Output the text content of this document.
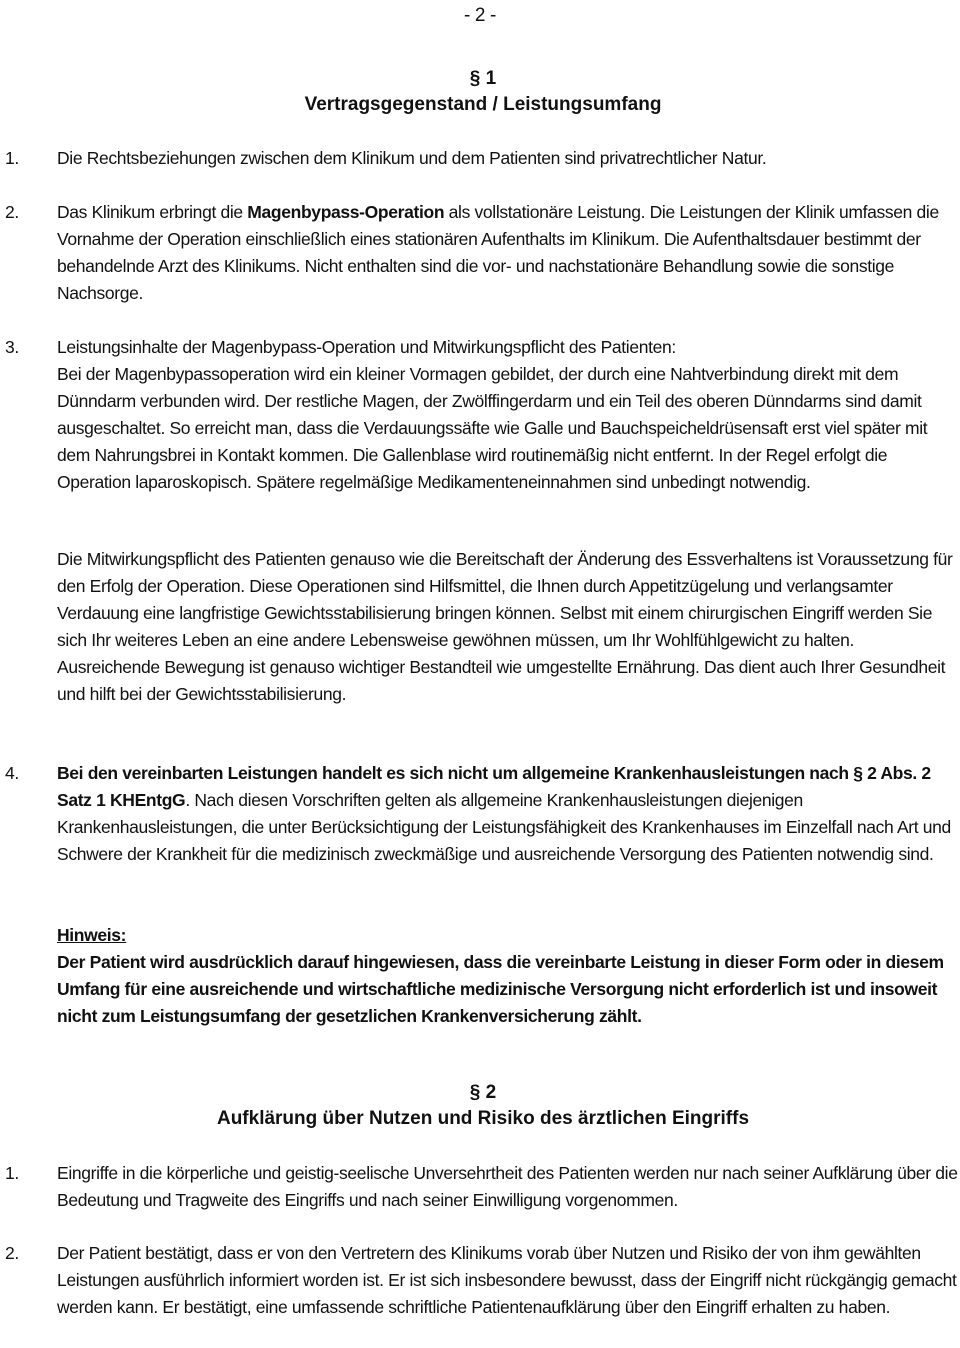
- 2 -
§ 1
Vertragsgegenstand / Leistungsumfang
1.	Die Rechtsbeziehungen zwischen dem Klinikum und dem Patienten sind privatrechtlicher Natur.
2.	Das Klinikum erbringt die Magenbypass-Operation als vollstationäre Leistung. Die Leistungen der Klinik umfassen die Vornahme der Operation einschließlich eines stationären Aufenthalts im Klinikum. Die Aufenthaltsdauer bestimmt der behandelnde Arzt des Klinikums. Nicht enthalten sind die vor- und nachstationäre Behandlung sowie die sonstige Nachsorge.
3.	Leistungsinhalte der Magenbypass-Operation und Mitwirkungspflicht des Patienten:
Bei der Magenbypassoperation wird ein kleiner Vormagen gebildet, der durch eine Nahtverbindung direkt mit dem Dünndarm verbunden wird. Der restliche Magen, der Zwölffingerdarm und ein Teil des oberen Dünndarms sind damit ausgeschaltet. So erreicht man, dass die Verdauungssäfte wie Galle und Bauchspeicheldrüsensaft erst viel später mit dem Nahrungsbrei in Kontakt kommen. Die Gallenblase wird routinemäßig nicht entfernt. In der Regel erfolgt die Operation laparoskopisch. Spätere regelmäßige Medikamenteneinnahmen sind unbedingt notwendig.
Die Mitwirkungspflicht des Patienten genauso wie die Bereitschaft der Änderung des Essverhaltens ist Voraussetzung für den Erfolg der Operation. Diese Operationen sind Hilfsmittel, die Ihnen durch Appetitzügelung und verlangsamter Verdauung eine langfristige Gewichtsstabilisierung bringen können. Selbst mit einem chirurgischen Eingriff werden Sie sich Ihr weiteres Leben an eine andere Lebensweise gewöhnen müssen, um Ihr Wohlfühlgewicht zu halten. Ausreichende Bewegung ist genauso wichtiger Bestandteil wie umgestellte Ernährung. Das dient auch Ihrer Gesundheit und hilft bei der Gewichtsstabilisierung.
4.	Bei den vereinbarten Leistungen handelt es sich nicht um allgemeine Krankenhausleistungen nach § 2 Abs. 2 Satz 1 KHEntgG. Nach diesen Vorschriften gelten als allgemeine Krankenhausleistungen diejenigen Krankenhausleistungen, die unter Berücksichtigung der Leistungsfähigkeit des Krankenhauses im Einzelfall nach Art und Schwere der Krankheit für die medizinisch zweckmäßige und ausreichende Versorgung des Patienten notwendig sind.
Hinweis:
Der Patient wird ausdrücklich darauf hingewiesen, dass die vereinbarte Leistung in dieser Form oder in diesem Umfang für eine ausreichende und wirtschaftliche medizinische Versorgung nicht erforderlich ist und insoweit nicht zum Leistungsumfang der gesetzlichen Krankenversicherung zählt.
§ 2
Aufklärung über Nutzen und Risiko des ärztlichen Eingriffs
1.	Eingriffe in die körperliche und geistig-seelische Unversehrtheit des Patienten werden nur nach seiner Aufklärung über die Bedeutung und Tragweite des Eingriffs und nach seiner Einwilligung vorgenommen.
2.	Der Patient bestätigt, dass er von den Vertretern des Klinikums vorab über Nutzen und Risiko der von ihm gewählten Leistungen ausführlich informiert worden ist. Er ist sich insbesondere bewusst, dass der Eingriff nicht rückgängig gemacht werden kann. Er bestätigt, eine umfassende schriftliche Patientenaufklärung über den Eingriff erhalten zu haben.
